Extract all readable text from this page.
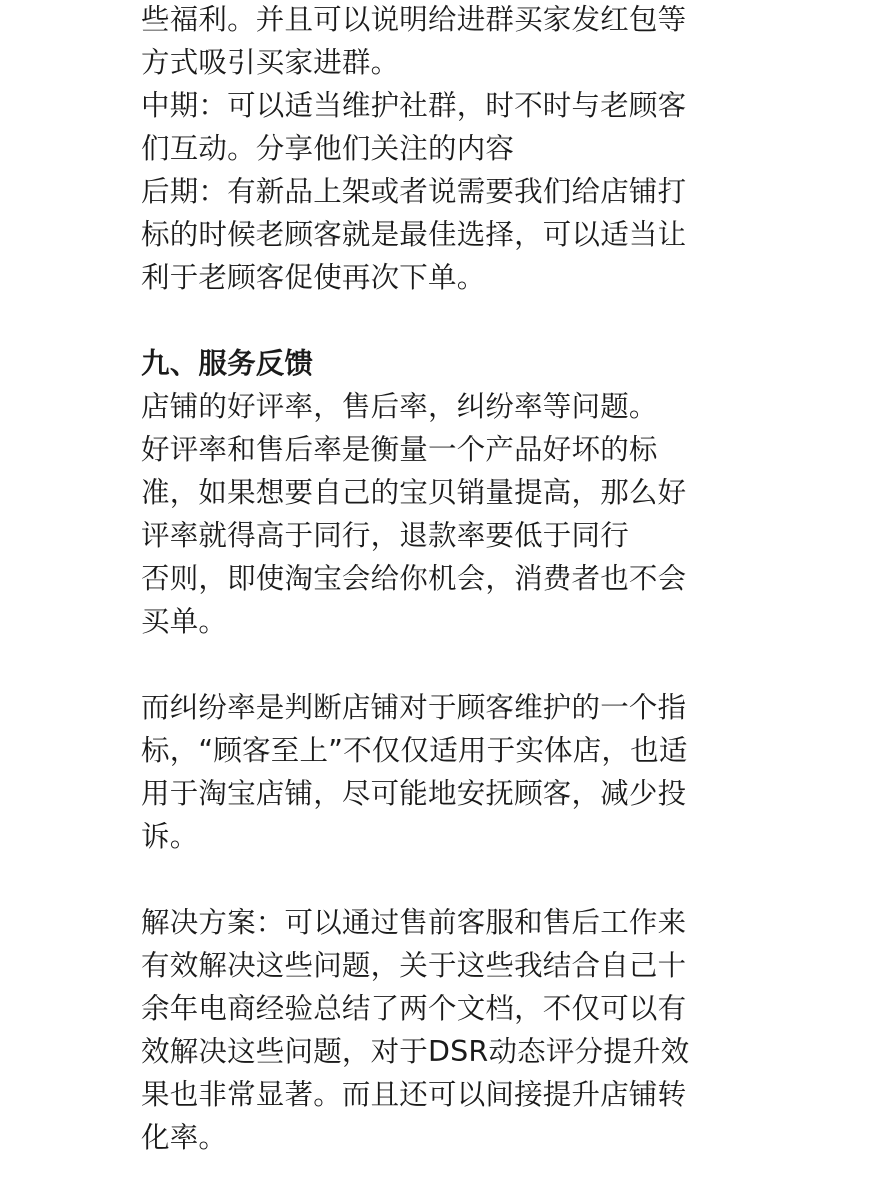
些福利。并且可以说明给进群买家发红包等
方式吸引买家进群。
中期：可以适当维护社群，时不时与老顾客
们互动。分享他们关注的内容
后期：有新品上架或者说需要我们给店铺打
标的时候老顾客就是最佳选择，可以适当让
利于老顾客促使再次下单。
九、服务反馈
店铺的好评率，售后率，纠纷率等问题。
好评率和售后率是衡量一个产品好坏的标
准，如果想要自己的宝贝销量提高，那么好
评率就得高于同行，退款率要低于同行
否则，即使淘宝会给你机会，消费者也不会
买单。
而纠纷率是判断店铺对于顾客维护的一个指
标，“顾客至上”不仅仅适用于实体店，也适
用于淘宝店铺，尽可能地安抚顾客，减少投
诉。
解决方案：可以通过售前客服和售后工作来
有效解决这些问题，关于这些我结合自己十
余年电商经验总结了两个文档，不仅可以有
效解决这些问题，对于DSR动态评分提升效
果也非常显著。而且还可以间接提升店铺转
化率。
